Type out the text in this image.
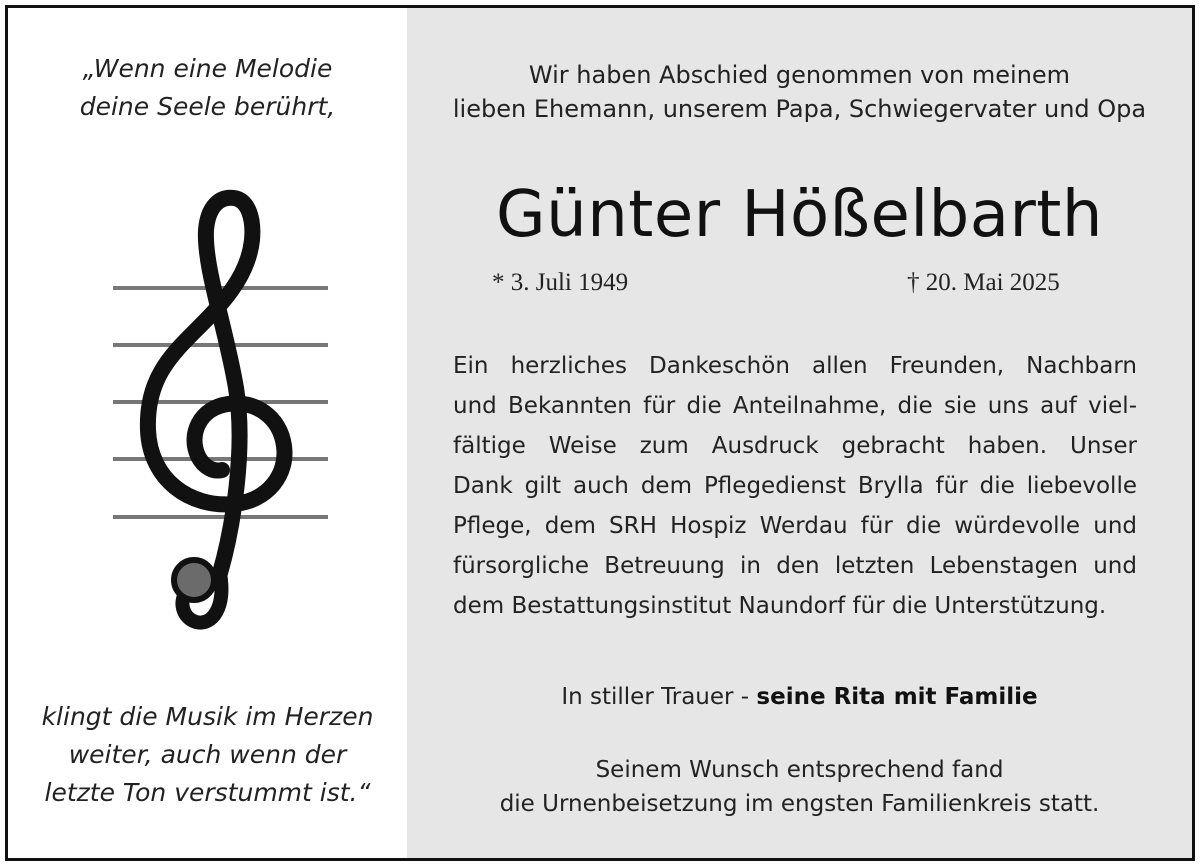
„Wenn eine Melodie
deine Seele berührt,
klingt die Musik im Herzen
weiter, auch wenn der
letzte Ton verstummt ist.“
Wir haben Abschied genommen von meinem
lieben Ehemann, unserem Papa, Schwiegervater und Opa
Günter Hößelbarth
* 3. Juli 1949	† 20. Mai 2025

Ein herzliches Dankeschön allen Freunden, Nachbarn

und Bekannten für die Anteilnahme, die sie uns auf viel-

fältige Weise zum Ausdruck gebracht haben. Unser

Dank gilt auch dem Pflegedienst Brylla für die liebevolle

Pflege, dem SRH Hospiz Werdau für die würdevolle und

fürsorgliche Betreuung in den letzten Lebenstagen und

dem Bestattungsinstitut Naundorf für die Unterstützung.

In stiller Trauer - seine Rita mit Familie
Seinem Wunsch entsprechend fand
die Urnenbeisetzung im engsten Familienkreis statt.
